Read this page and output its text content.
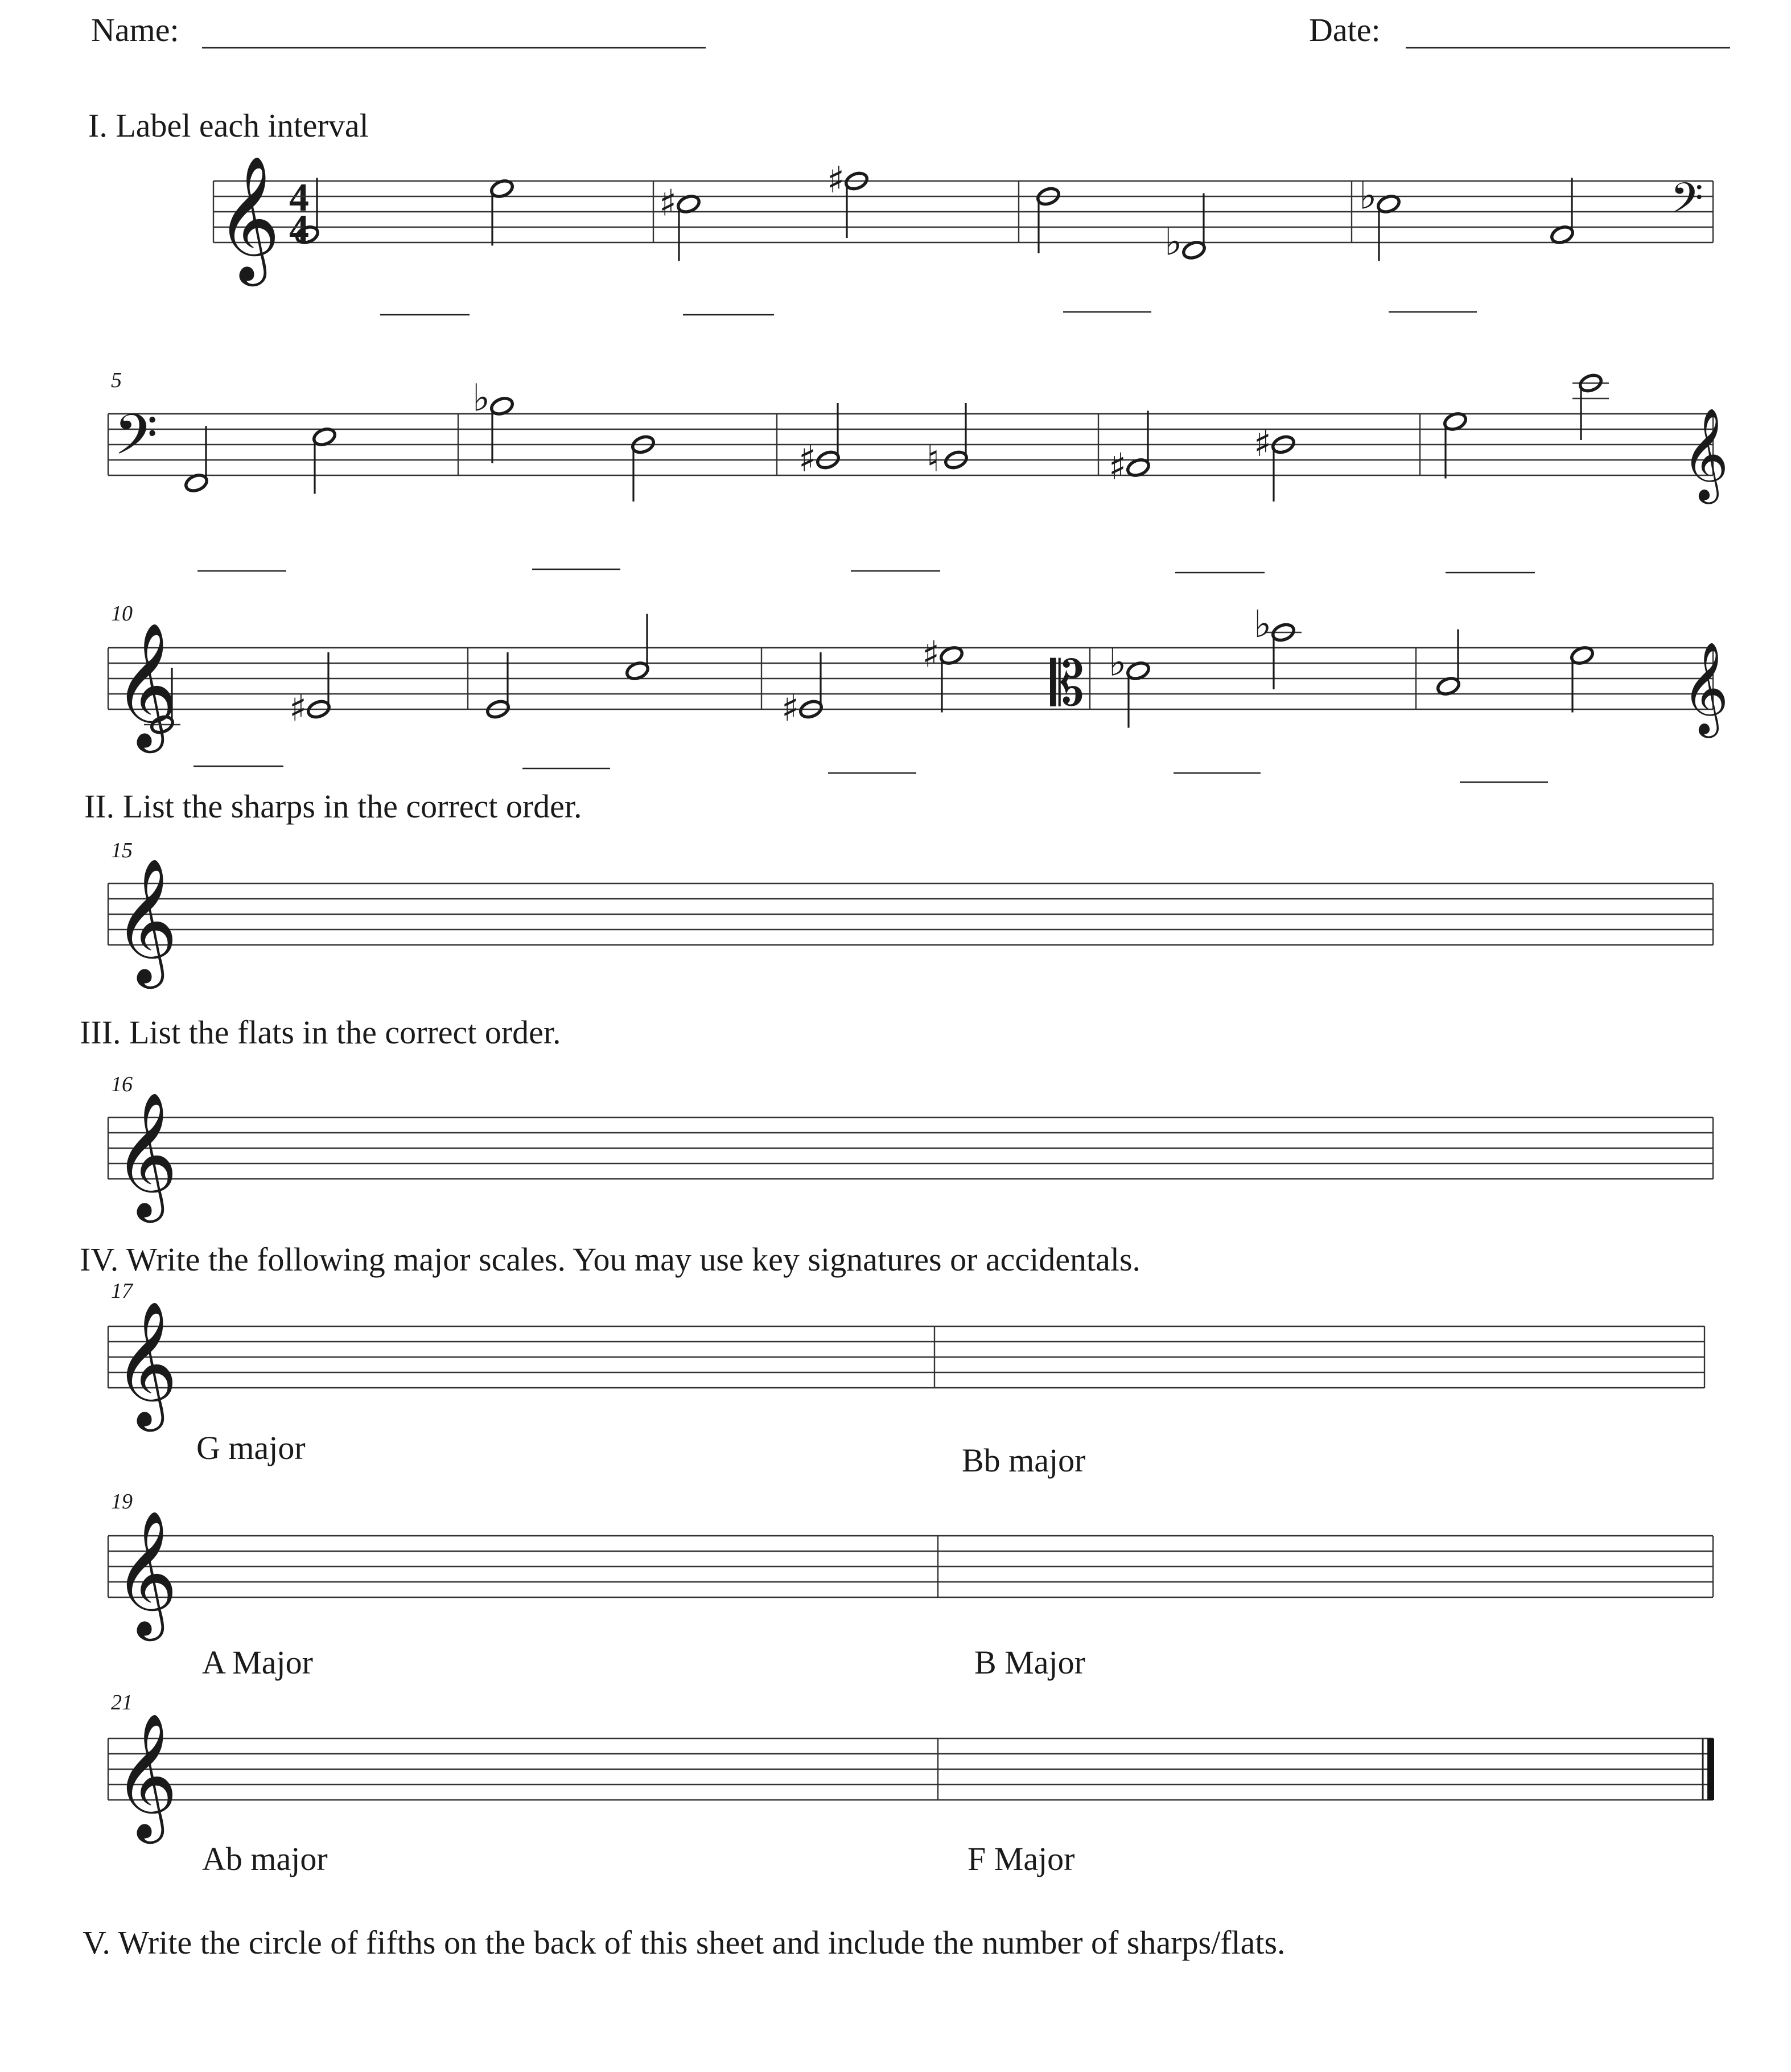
Name:	Date:
I. Label each interval
II. List the sharps in the correct order.
III. List the flats in the correct order.
IV. Write the following major scales. You may use key signatures or accidentals.
V. Write the circle of fifths on the back of this sheet and include the number of sharps/flats.
5
10
15
16
17
19
21
G major	Bb major
A Major	B Major
Ab major	F Major
4
4
𝄞	𝄢
𝄢	𝄞
𝄞	𝄞
𝄡
𝄞
𝄞
𝄞
𝄞
𝄞
♯
♯
♭
♭
♭
♯	♮	♯
♯
♯	♯
♯	♭
♭
